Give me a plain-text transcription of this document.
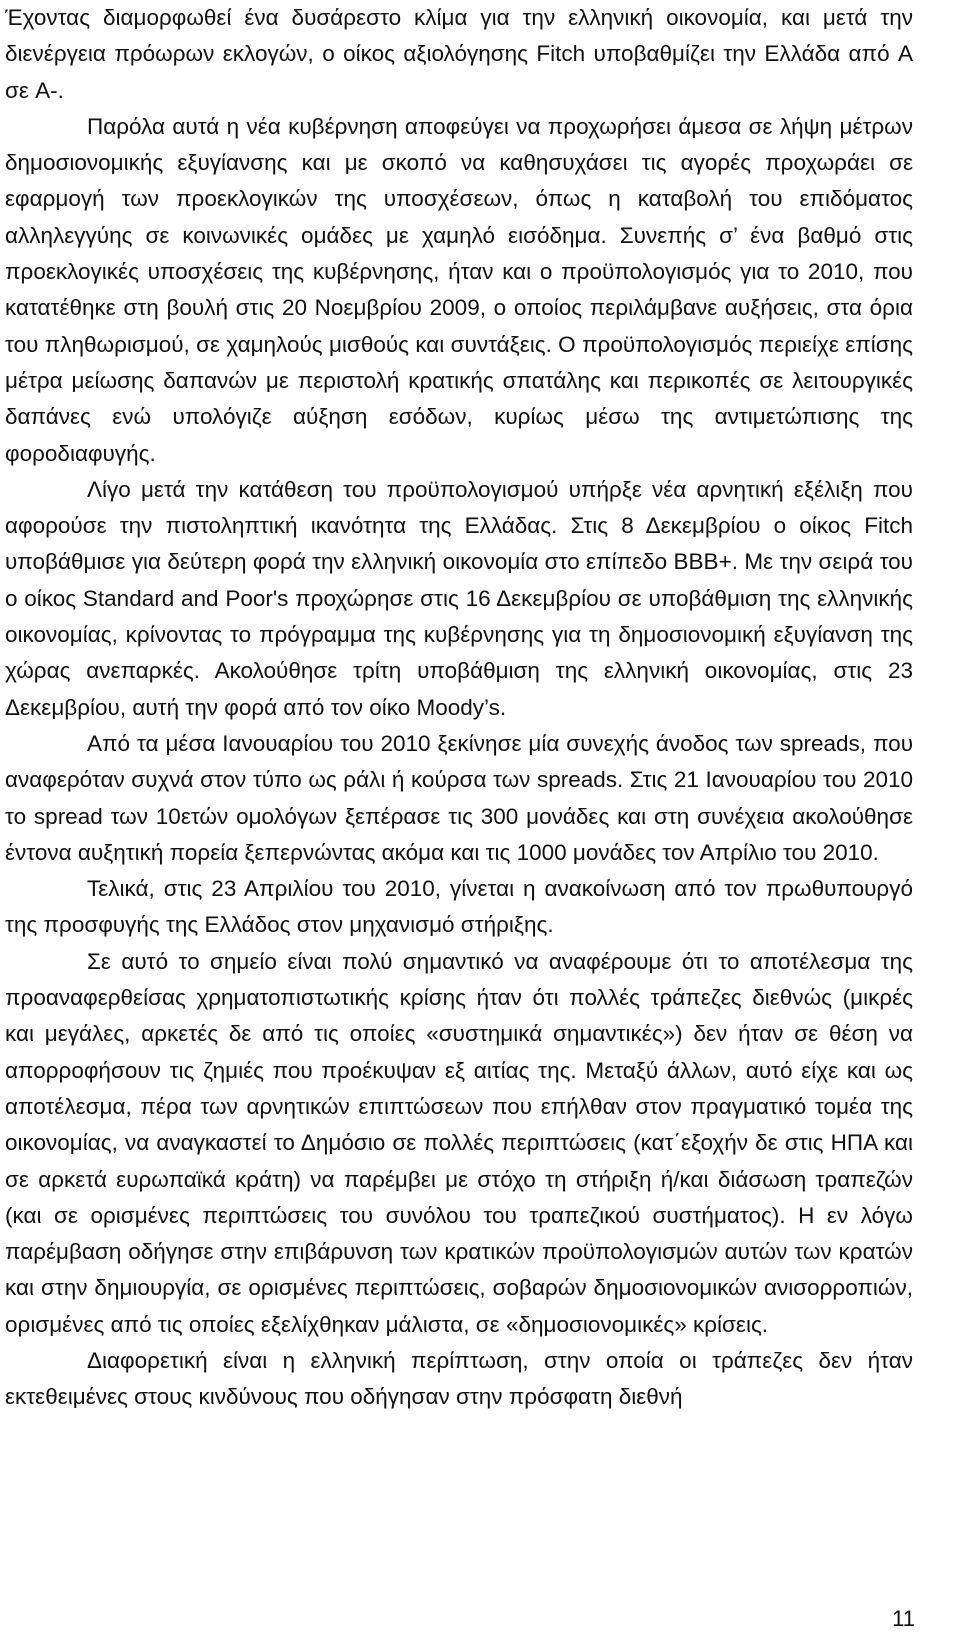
Έχοντας διαμορφωθεί ένα δυσάρεστο κλίμα για την ελληνική οικονομία, και μετά την διενέργεια πρόωρων εκλογών, ο οίκος αξιολόγησης Fitch υποβαθμίζει την Ελλάδα από A σε A-.

Παρόλα αυτά η νέα κυβέρνηση αποφεύγει να προχωρήσει άμεσα σε λήψη μέτρων δημοσιονομικής εξυγίανσης και με σκοπό να καθησυχάσει τις αγορές προχωράει σε εφαρμογή των προεκλογικών της υποσχέσεων, όπως η καταβολή του επιδόματος αλληλεγγύης σε κοινωνικές ομάδες με χαμηλό εισόδημα. Συνεπής σ’ ένα βαθμό στις προεκλογικές υποσχέσεις της κυβέρνησης, ήταν και ο προϋπολογισμός για το 2010, που κατατέθηκε στη βουλή στις 20 Νοεμβρίου 2009, ο οποίος περιλάμβανε αυξήσεις, στα όρια του πληθωρισμού, σε χαμηλούς μισθούς και συντάξεις. Ο προϋπολογισμός περιείχε επίσης μέτρα μείωσης δαπανών με περιστολή κρατικής σπατάλης και περικοπές σε λειτουργικές δαπάνες ενώ υπολόγιζε αύξηση εσόδων, κυρίως μέσω της αντιμετώπισης της φοροδιαφυγής.

Λίγο μετά την κατάθεση του προϋπολογισμού υπήρξε νέα αρνητική εξέλιξη που αφορούσε την πιστοληπτική ικανότητα της Ελλάδας. Στις 8 Δεκεμβρίου ο οίκος Fitch υποβάθμισε για δεύτερη φορά την ελληνική οικονομία στο επίπεδο BBB+. Με την σειρά του ο οίκος Standard and Poor's προχώρησε στις 16 Δεκεμβρίου σε υποβάθμιση της ελληνικής οικονομίας, κρίνοντας το πρόγραμμα της κυβέρνησης για τη δημοσιονομική εξυγίανση της χώρας ανεπαρκές. Ακολούθησε τρίτη υποβάθμιση της ελληνική οικονομίας, στις 23 Δεκεμβρίου, αυτή την φορά από τον οίκο Moody’s.

Από τα μέσα Ιανουαρίου του 2010 ξεκίνησε μία συνεχής άνοδος των spreads, που αναφερόταν συχνά στον τύπο ως ράλι ή κούρσα των spreads. Στις 21 Ιανουαρίου του 2010 το spread των 10ετών ομολόγων ξεπέρασε τις 300 μονάδες και στη συνέχεια ακολούθησε έντονα αυξητική πορεία ξεπερνώντας ακόμα και τις 1000 μονάδες τον Απρίλιο του 2010.

Τελικά, στις 23 Απριλίου του 2010, γίνεται η ανακοίνωση από τον πρωθυπουργό της προσφυγής της Ελλάδος στον μηχανισμό στήριξης.

Σε αυτό το σημείο είναι πολύ σημαντικό να αναφέρουμε ότι το αποτέλεσμα της προαναφερθείσας χρηματοπιστωτικής κρίσης ήταν ότι πολλές τράπεζες διεθνώς (μικρές και μεγάλες, αρκετές δε από τις οποίες «συστημικά σημαντικές») δεν ήταν σε θέση να απορροφήσουν τις ζημιές που προέκυψαν εξ αιτίας της. Μεταξύ άλλων, αυτό είχε και ως αποτέλεσμα, πέρα των αρνητικών επιπτώσεων που επήλθαν στον πραγματικό τομέα της οικονομίας, να αναγκαστεί το Δημόσιο σε πολλές περιπτώσεις (κατ΄εξοχήν δε στις ΗΠΑ και σε αρκετά ευρωπαϊκά κράτη) να παρέμβει με στόχο τη στήριξη ή/και διάσωση τραπεζών (και σε ορισμένες περιπτώσεις του συνόλου του τραπεζικού συστήματος). Η εν λόγω παρέμβαση οδήγησε στην επιβάρυνση των κρατικών προϋπολογισμών αυτών των κρατών και στην δημιουργία, σε ορισμένες περιπτώσεις, σοβαρών δημοσιονομικών ανισορροπιών, ορισμένες από τις οποίες εξελίχθηκαν μάλιστα, σε «δημοσιονομικές» κρίσεις.

Διαφορετική είναι η ελληνική περίπτωση, στην οποία οι τράπεζες δεν ήταν εκτεθειμένες στους κινδύνους που οδήγησαν στην πρόσφατη διεθνή

11
